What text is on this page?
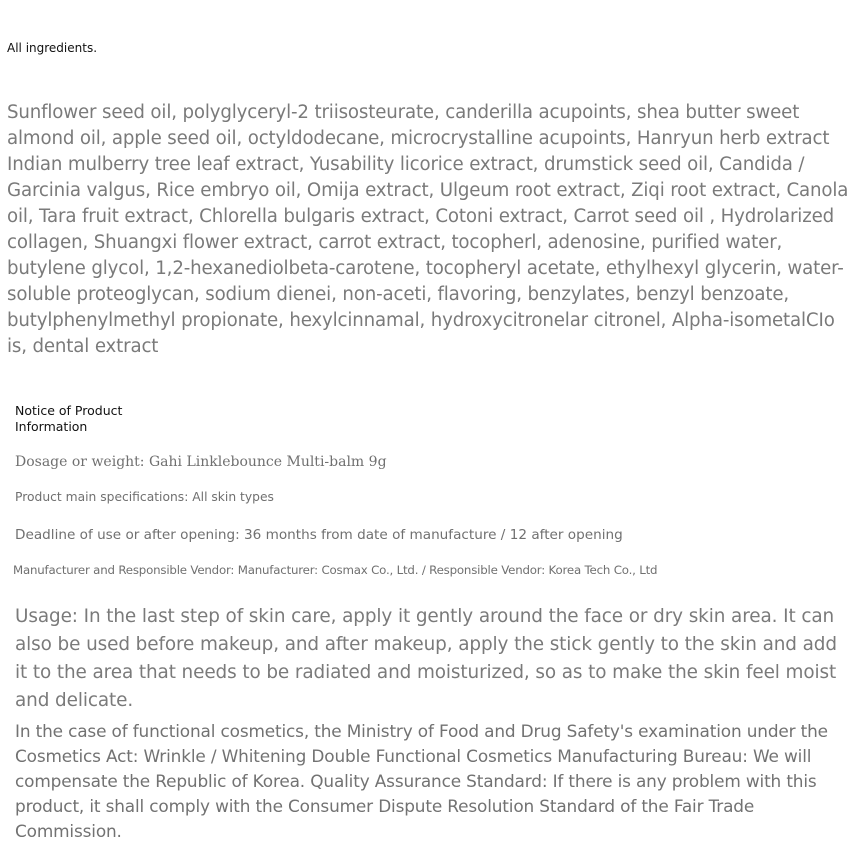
All ingredients.

Sunflower seed oil, polyglyceryl-2 triisosteurate, canderilla acupoints, shea butter sweet almond oil, apple seed oil, octyldodecane, microcrystalline acupoints, Hanryun herb extract Indian mulberry tree leaf extract, Yusability licorice extract, drumstick seed oil, Candida / Garcinia valgus, Rice embryo oil, Omija extract, Ulgeum root extract, Ziqi root extract, Canola oil, Tara fruit extract, Chlorella bulgaris extract, Cotoni extract, Carrot seed oil , Hydrolarized collagen, Shuangxi flower extract, carrot extract, tocopherl, adenosine, purified water, butylene glycol, 1,2-hexanediolbeta-carotene, tocopheryl acetate, ethylhexyl glycerin, water-soluble proteoglycan, sodium dienei, non-aceti, flavoring, benzylates, benzyl benzoate, butylphenylmethyl propionate, hexylcinnamal, hydroxycitronelar citronel, Alpha-isometalCIo is, dental extract

Notice of Product Information
Dosage or weight: Gahi Linklebounce Multi-balm 9g
Product main specifications: All skin types
Deadline of use or after opening: 36 months from date of manufacture / 12 after opening
Manufacturer and Responsible Vendor: Manufacturer: Cosmax Co., Ltd. / Responsible Vendor: Korea Tech Co., Ltd

Usage: In the last step of skin care, apply it gently around the face or dry skin area. It can also be used before makeup, and after makeup, apply the stick gently to the skin and add it to the area that needs to be radiated and moisturized, so as to make the skin feel moist and delicate.

In the case of functional cosmetics, the Ministry of Food and Drug Safety's examination under the Cosmetics Act: Wrinkle / Whitening Double Functional Cosmetics Manufacturing Bureau: We will compensate the Republic of Korea. Quality Assurance Standard: If there is any problem with this product, it shall comply with the Consumer Dispute Resolution Standard of the Fair Trade Commission.
